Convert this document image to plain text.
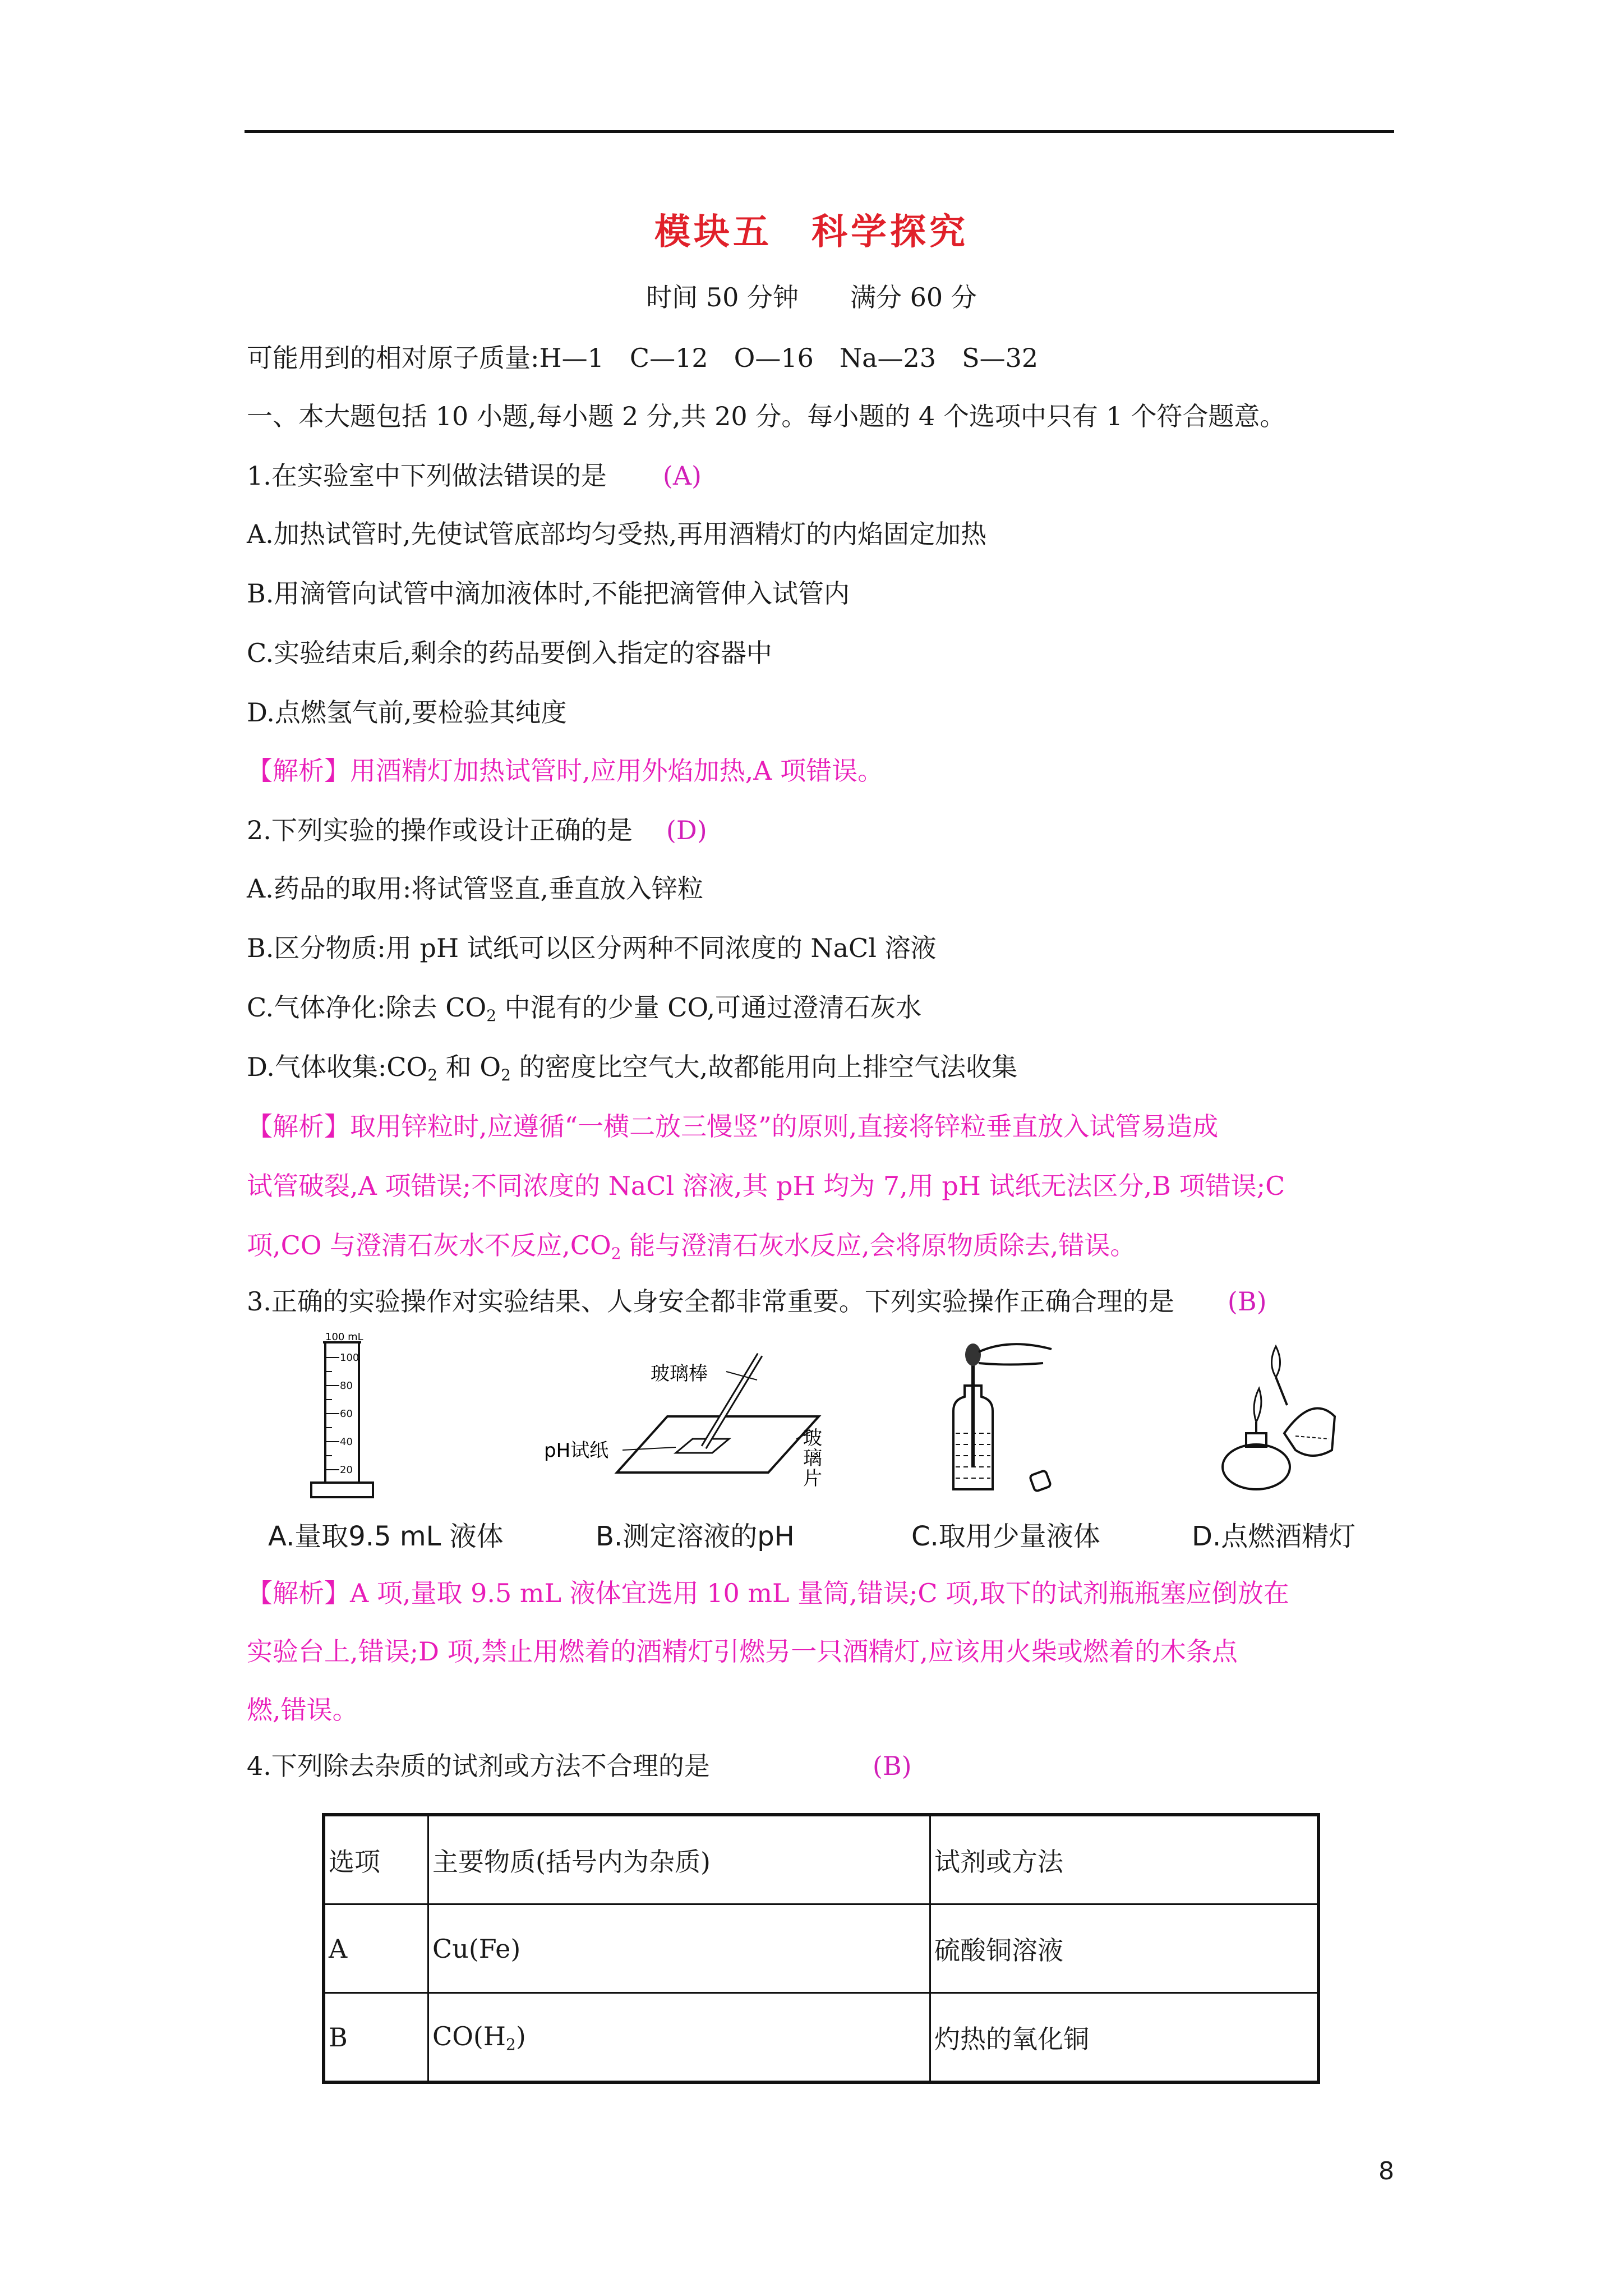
模块五　科学探究
时间 50 分钟　　满分 60 分
可能用到的相对原子质量:H—1　C—12　O—16　Na—23　S—32
一、本大题包括 10 小题,每小题 2 分,共 20 分。每小题的 4 个选项中只有 1 个符合题意。
1.在实验室中下列做法错误的是 (A)
A.加热试管时,先使试管底部均匀受热,再用酒精灯的内焰固定加热
B.用滴管向试管中滴加液体时,不能把滴管伸入试管内
C.实验结束后,剩余的药品要倒入指定的容器中
D.点燃氢气前,要检验其纯度
【解析】用酒精灯加热试管时,应用外焰加热,A 项错误。
2.下列实验的操作或设计正确的是 (D)
A.药品的取用:将试管竖直,垂直放入锌粒
B.区分物质:用 pH 试纸可以区分两种不同浓度的 NaCl 溶液
C.气体净化:除去 $CO_2$ 中混有的少量 CO,可通过澄清石灰水
D.气体收集$:CO_2$ 和 $O_2$ 的密度比空气大,故都能用向上排空气法收集
【解析】取用锌粒时,应遵循“一横二放三慢竖”的原则,直接将锌粒垂直放入试管易造成
试管破裂,A 项错误;不同浓度的 NaCl 溶液,其 pH 均为 7,用 pH 试纸无法区分,B 项错误;C
项,CO 与澄清石灰水不反应$,CO_2$ 能与澄清石灰水反应,会将原物质除去,错误。
3.正确的实验操作对实验结果、人身安全都非常重要。下列实验操作正确合理的是 (B)
100 mL
100
80
60
40
20
玻璃棒
pH试纸
玻
璃
片
A.量取9.5 mL 液体	B.测定溶液的pH	C.取用少量液体	D.点燃酒精灯
【解析】A 项,量取 9.5 mL 液体宜选用 10 mL 量筒,错误;C 项,取下的试剂瓶瓶塞应倒放在
实验台上,错误;D 项,禁止用燃着的酒精灯引燃另一只酒精灯,应该用火柴或燃着的木条点
燃,错误。
4.下列除去杂质的试剂或方法不合理的是	(B)
选项	主要物质(括号内为杂质)	试剂或方法
A	Cu(Fe)	硫酸铜溶液
B	$CO(H_2)$	灼热的氧化铜
8
